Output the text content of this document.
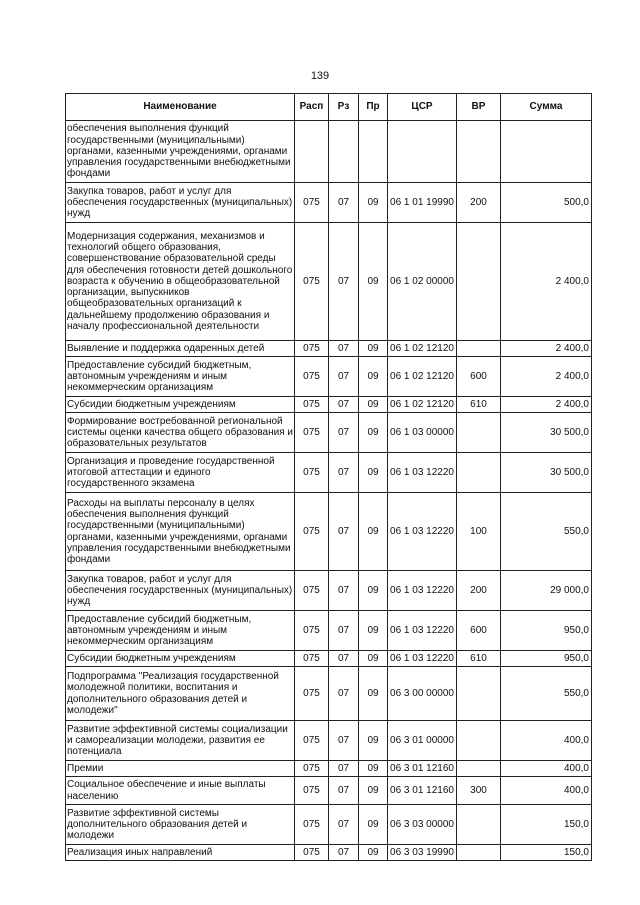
139
Наименование	Расп	Рз	Пр	ЦСР	ВР	Сумма
обеспечения выполнения функций государственными (муниципальными) органами, казенными учреждениями, органами управления государственными внебюджетными фондами						
Закупка товаров, работ и услуг для обеспечения государственных (муниципальных) нужд	075	07	09	06 1 01 19990	200	500,0
Модернизация содержания, механизмов и технологий общего образования, совершенствование образовательной среды для обеспечения готовности детей дошкольного возраста к обучению в общеобразовательной организации, выпускников общеобразовательных организаций к дальнейшему продолжению образования и началу профессиональной деятельности	075	07	09	06 1 02 00000		2 400,0
Выявление и поддержка одаренных детей	075	07	09	06 1 02 12120		2 400,0
Предоставление субсидий бюджетным, автономным учреждениям и иным некоммерческим организациям	075	07	09	06 1 02 12120	600	2 400,0
Субсидии бюджетным учреждениям	075	07	09	06 1 02 12120	610	2 400,0
Формирование востребованной региональной системы оценки качества общего образования и образовательных результатов	075	07	09	06 1 03 00000		30 500,0
Организация и проведение государственной итоговой аттестации и единого государственного экзамена	075	07	09	06 1 03 12220		30 500,0
Расходы на выплаты персоналу в целях обеспечения выполнения функций государственными (муниципальными) органами, казенными учреждениями, органами управления государственными внебюджетными фондами	075	07	09	06 1 03 12220	100	550,0
Закупка товаров, работ и услуг для обеспечения государственных (муниципальных) нужд	075	07	09	06 1 03 12220	200	29 000,0
Предоставление субсидий бюджетным, автономным учреждениям и иным некоммерческим организациям	075	07	09	06 1 03 12220	600	950,0
Субсидии бюджетным учреждениям	075	07	09	06 1 03 12220	610	950,0
Подпрограмма "Реализация государственной молодежной политики, воспитания и дополнительного образования детей и молодежи"	075	07	09	06 3 00 00000		550,0
Развитие эффективной системы социализации и самореализации молодежи, развития ее потенциала	075	07	09	06 3 01 00000		400,0
Премии	075	07	09	06 3 01 12160		400,0
Социальное обеспечение и иные выплаты населению	075	07	09	06 3 01 12160	300	400,0
Развитие эффективной системы дополнительного образования детей и молодежи	075	07	09	06 3 03 00000		150,0
Реализация иных направлений	075	07	09	06 3 03 19990		150,0
